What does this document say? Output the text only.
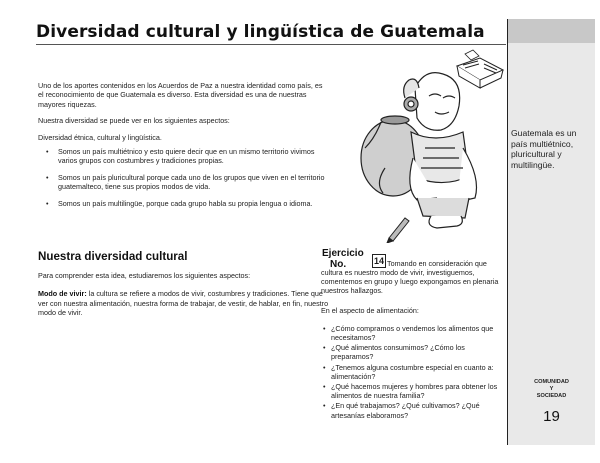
Diversidad cultural y lingüística de Guatemala

Uno de los aportes contenidos en los Acuerdos de Paz a nuestra identidad como país, es el reconocimiento de que Guatemala es diverso. Esta diversidad es una de nuestras mayores riquezas.

Nuestra diversidad se puede ver en los siguientes aspectos:

Diversidad étnica, cultural y lingüística.

• Somos un país multiétnico y esto quiere decir que en un mismo territorio vivimos varios grupos con costumbres y tradiciones propias.
• Somos un país pluricultural porque cada uno de los grupos que viven en el territorio guatemalteco, tiene sus propios modos de vida.
• Somos un país multilingüe, porque cada grupo habla su propia lengua o idioma.
Nuestra diversidad cultural

Para comprender esta idea, estudiaremos los siguientes aspectos:

Modo de vivir: la cultura se refiere a modos de vivir, costumbres y tradiciones. Tiene que ver con nuestra alimentación, nuestra forma de trabajar, de vestir, de hablar, en fin, nuestro modo de vivir.

Ejercicio
No.	14 Tomando en consideración que

cultura es nuestro modo de vivir, investiguemos, comentemos en grupo y luego expongamos en plenaria nuestros hallazgos.

En el aspecto de alimentación:

• ¿Cómo compramos o vendemos los alimentos que necesitamos?
• ¿Qué alimentos consumimos? ¿Cómo los preparamos?
• ¿Tenemos alguna costumbre especial en cuanto a: alimentación?
• ¿Qué hacemos mujeres y hombres para obtener los alimentos de nuestra familia?
• ¿En qué trabajamos? ¿Qué cultivamos? ¿Qué artesanías elaboramos?
Guatemala es un país multiétnico, pluricultural y multilingüe.
COMUNIDAD
Y
SOCIEDAD
19
